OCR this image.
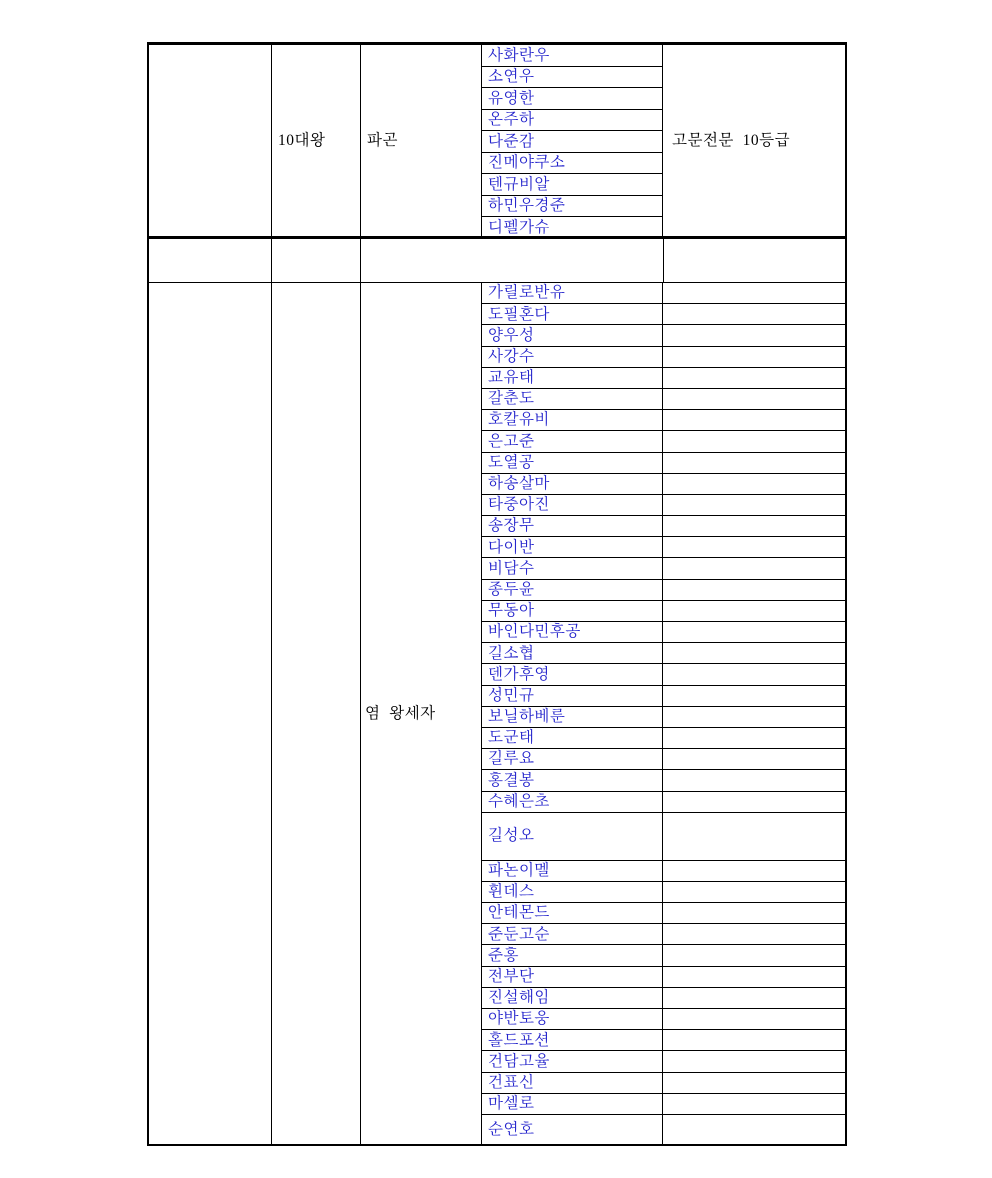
10대왕	파곤
사화란우
소연우
유영한
온주하
다준감
진메야쿠소
텐규비알
하민우경준
디펠가슈
고문전문  10등급
염  왕세자
가릴로반유
도필혼다
양우성
사강수
교유태
갈춘도
호칼유비
은고준
도열공
하송살마
타중아진
송장무
다이반
비담수
종두윤
무동아
바인다민후공
길소협
덴가후영
성민규
보닐하베룬
도군태
길루요
홍결봉
수혜은초
길성오
파논이멜
휜데스
안테몬드
준둔고순
준홍
전부단
진설해임
야반토웅
홀드포션
건담고율
건표신
마셀로
순연호
